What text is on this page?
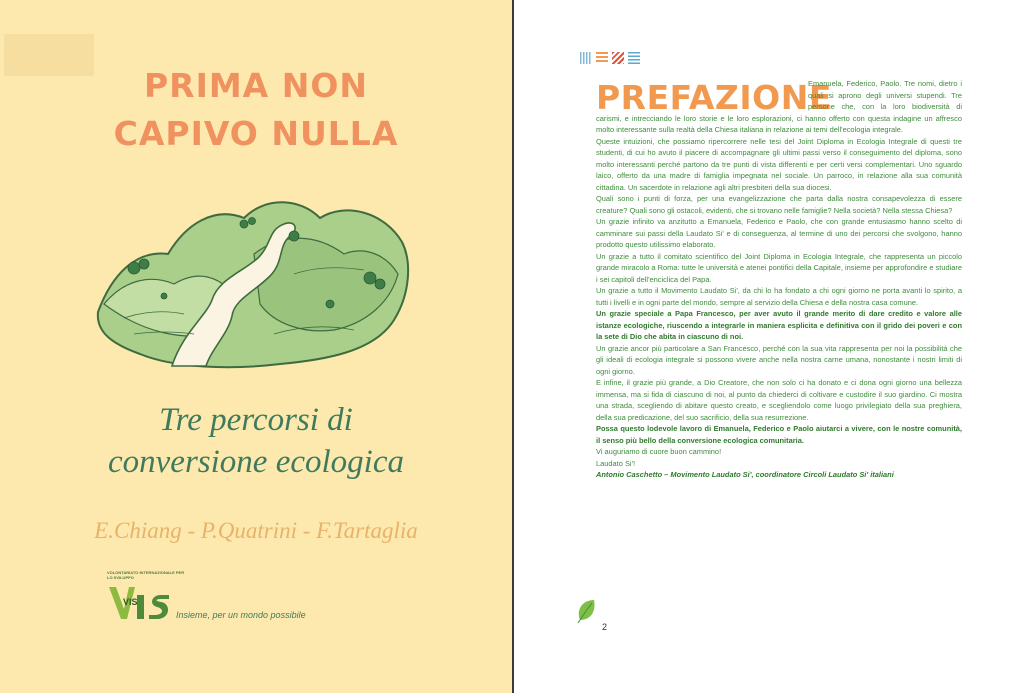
PRIMA NON
CAPIVO NULLA
Tre percorsi di
conversione ecologica
E.Chiang - P.Quatrini - F.Tartaglia
VOLONTARIATO INTERNAZIONALE PER LO SVILUPPO
VIS
Insieme, per un mondo possibile
PREFAZIONE

Emanuela, Federico, Paolo. Tre nomi, dietro i quali si aprono degli universi stupendi. Tre persone che, con la loro biodiversità di carismi, e intrecciando le loro storie e le loro esplorazioni, ci hanno offerto con questa indagine un affresco molto interessante sulla realtà della Chiesa italiana in relazione ai temi dell'ecologia integrale.

Queste intuizioni, che possiamo ripercorrere nelle tesi del Joint Diploma in Ecologia Integrale di questi tre studenti, di cui ho avuto il piacere di accompagnare gli ultimi passi verso il conseguimento del diploma, sono molto interessanti perché partono da tre punti di vista differenti e per certi versi complementari. Uno sguardo laico, offerto da una madre di famiglia impegnata nel sociale. Un parroco, in relazione alla sua comunità cittadina. Un sacerdote in relazione agli altri presbiteri della sua diocesi.

Quali sono i punti di forza, per una evangelizzazione che parta dalla nostra consapevolezza di essere creature? Quali sono gli ostacoli, evidenti, che si trovano nelle famiglie? Nella società? Nella stessa Chiesa?

Un grazie infinito va anzitutto a Emanuela, Federico e Paolo, che con grande entusiasmo hanno scelto di camminare sui passi della Laudato Si' e di conseguenza, al termine di uno dei percorsi che svolgono, hanno prodotto questo utilissimo elaborato.

Un grazie a tutto il comitato scientifico del Joint Diploma in Ecologia Integrale, che rappresenta un piccolo grande miracolo a Roma: tutte le università e atenei pontifici della Capitale, insieme per approfondire e studiare i sei capitoli dell'enciclica del Papa.

Un grazie a tutto il Movimento Laudato Si', da chi lo ha fondato a chi ogni giorno ne porta avanti lo spirito, a tutti i livelli e in ogni parte del mondo, sempre al servizio della Chiesa e della nostra casa comune.

Un grazie speciale a Papa Francesco, per aver avuto il grande merito di dare credito e valore alle istanze ecologiche, riuscendo a integrarle in maniera esplicita e definitiva con il grido dei poveri e con la sete di Dio che abita in ciascuno di noi.

Un grazie ancor più particolare a San Francesco, perché con la sua vita rappresenta per noi la possibilità che gli ideali di ecologia integrale si possono vivere anche nella nostra carne umana, nonostante i nostri limiti di ogni giorno.

E infine, il grazie più grande, a Dio Creatore, che non solo ci ha donato e ci dona ogni giorno una bellezza immensa, ma si fida di ciascuno di noi, al punto da chiederci di coltivare e custodire il suo giardino. Ci mostra una strada, scegliendo di abitare questo creato, e scegliendolo come luogo privilegiato della sua preghiera, della sua predicazione, del suo sacrificio, della sua resurrezione.

Possa questo lodevole lavoro di Emanuela, Federico e Paolo aiutarci a vivere, con le nostre comunità, il senso più bello della conversione ecologica comunitaria.

Vi auguriamo di cuore buon cammino!

Laudato Si'!

Antonio Caschetto – Movimento Laudato Si', coordinatore Circoli Laudato Si' italiani

2
